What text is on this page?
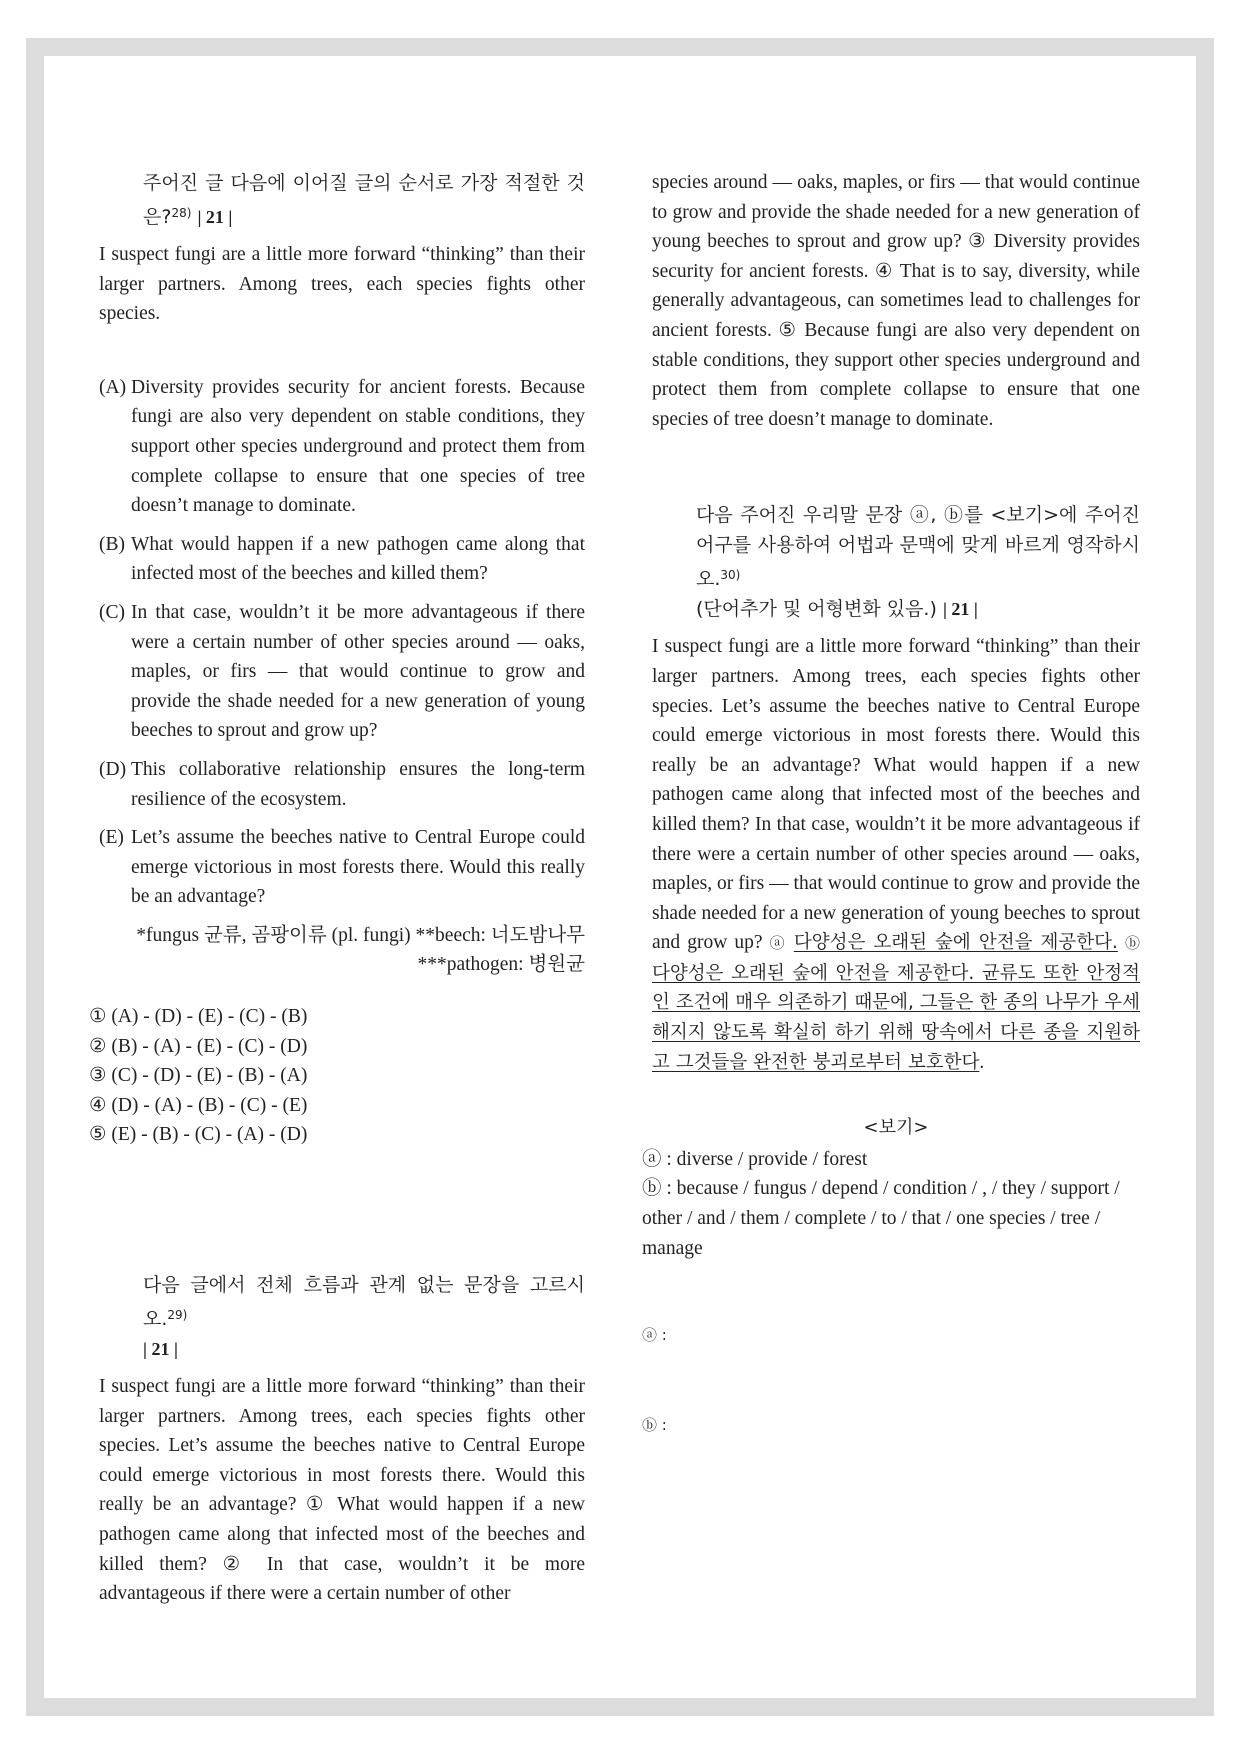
주어진 글 다음에 이어질 글의 순서로 가장 적절한 것은?$^{28)}$ | 21 |

I suspect fungi are a little more forward “thinking” than their larger partners. Among trees, each species fights other species.

(A) Diversity provides security for ancient forests. Because fungi are also very dependent on stable conditions, they support other species underground and protect them from complete collapse to ensure that one species of tree doesn’t manage to dominate.
(B) What would happen if a new pathogen came along that infected most of the beeches and killed them?
(C) In that case, wouldn’t it be more advantageous if there were a certain number of other species around — oaks, maples, or firs — that would continue to grow and provide the shade needed for a new generation of young beeches to sprout and grow up?
(D) This collaborative relationship ensures the long-term resilience of the ecosystem.
(E) Let’s assume the beeches native to Central Europe could emerge victorious in most forests there. Would this really be an advantage?
*fungus 균류, 곰팡이류 (pl. fungi) **beech: 너도밤나무
***pathogen: 병원균
① (A) - (D) - (E) - (C) - (B)
② (B) - (A) - (E) - (C) - (D)
③ (C) - (D) - (E) - (B) - (A)
④ (D) - (A) - (B) - (C) - (E)
⑤ (E) - (B) - (C) - (A) - (D)
다음 글에서 전체 흐름과 관계 없는 문장을 고르시오.$^{29)}$
| 21 |

I suspect fungi are a little more forward “thinking” than their larger partners. Among trees, each species fights other species. Let’s assume the beeches native to Central Europe could emerge victorious in most forests there. Would this really be an advantage? ① What would happen if a new pathogen came along that infected most of the beeches and killed them? ② In that case, wouldn’t it be more advantageous if there were a certain number of other

species around — oaks, maples, or firs — that would continue to grow and provide the shade needed for a new generation of young beeches to sprout and grow up? ③ Diversity provides security for ancient forests. ④ That is to say, diversity, while generally advantageous, can sometimes lead to challenges for ancient forests. ⑤ Because fungi are also very dependent on stable conditions, they support other species underground and protect them from complete collapse to ensure that one species of tree doesn’t manage to dominate.

다음 주어진 우리말 문장 ⓐ, ⓑ를 <보기>에 주어진 어구를 사용하여 어법과 문맥에 맞게 바르게 영작하시오.$^{30)}$
(단어추가 및 어형변화 있음.) | 21 |

I suspect fungi are a little more forward “thinking” than their larger partners. Among trees, each species fights other species. Let’s assume the beeches native to Central Europe could emerge victorious in most forests there. Would this really be an advantage? What would happen if a new pathogen came along that infected most of the beeches and killed them? In that case, wouldn’t it be more advantageous if there were a certain number of other species around — oaks, maples, or firs — that would continue to grow and provide the shade needed for a new generation of young beeches to sprout and grow up? ⓐ 다양성은 오래된 숲에 안전을 제공한다. ⓑ 다양성은 오래된 숲에 안전을 제공한다. 균류도 또한 안정적인 조건에 매우 의존하기 때문에, 그들은 한 종의 나무가 우세해지지 않도록 확실히 하기 위해 땅속에서 다른 종을 지원하고 그것들을 완전한 붕괴로부터 보호한다.

<보기>
ⓐ : diverse / provide / forest
ⓑ : because / fungus / depend / condition / , / they / support / other / and / them / complete / to / that / one species / tree / manage
ⓐ :
ⓑ :
